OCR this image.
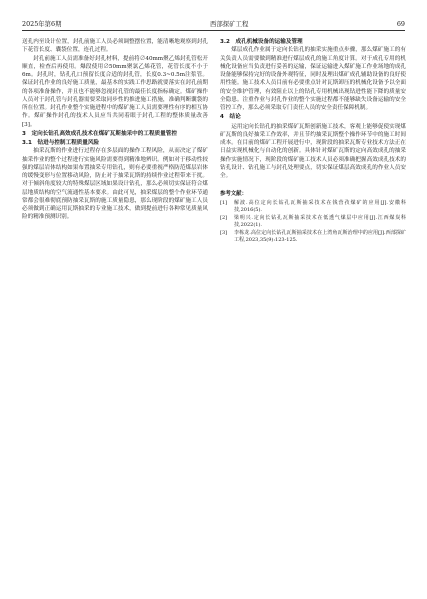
2025年第6期	西部探矿工程	69

送孔内至设计位置，封孔前施工人员必须调整摆位置，能清晰地观察到封孔下花管长度、囊袋位置，连孔过程。

封孔前施工人员需准备好封孔材料，提前将∅40mm聚乙烯封孔管松开顺直，检查后再使用。爆段使用∅50mm聚氯乙烯花管，花管长度不小于6m。封孔时，钻孔孔口预留长度合适的封孔管，长度0.3~0.5m注浆管。保证封孔作业的良好施工质量，最基本的实践工作思路就要落实在封孔前期的各项准备操作，并且也不能够忽视封孔管的最佳长度指标确定。煤矿操作人员对于封孔管与封孔器需要采取同步性的推进施工措施，准确判断囊袋的所在位置。封孔作业整个实施进程中的煤矿施工人员需要理性有序的相互协作。煤矿操作封孔的技术人员应当共同着眼于封孔工程的整体质量改善[3]。

3　定向长钻孔高效成孔技术在煤矿瓦斯抽采中的工程质量管控
3.1　钻进与控制工程质量风险

抽采瓦斯的作业进行过程存在多层面的操作工程风险，从而决定了煤矿抽采作业的整个过程进行实施风险需要得到精准地辨识。例如对于移动性较强的煤层岩体结构如果布置抽采专用钻孔，则有必要重视严格防范煤层岩体的缓慢变形与位置移动风险，防止对于抽采瓦斯的持续作业过程带来干扰。对于倾斜角度较大的特殊煤层区域如果设计钻孔，那么必须切实保证符合煤层地质结构的空气流通性基本要求。由此可见，抽采煤层的整个作业环节通常都会很难彻底预防抽采瓦斯的施工质量隐患，那么现阶段的煤矿施工人员必须做到正确运用瓦斯抽采的专业施工技术，做到提前进行各种常见质量风险的精准预测识别。

3.2　成孔机械设备的运输及管理

煤层成孔作业属于定向长钻孔的抽采实施重点步骤，那么煤矿施工的有关负责人员需要做到精准进行煤层成孔的施工角度计算。对于成孔专用的机械化设备应当负责进行妥善的运输，保证运输进入煤矿施工作业场地的成孔设备能够保持完好的设备外观特征，同时及理出煤矿成孔辅助设备的良好使用性能。施工技术人员目前有必要重点针对瓦斯卸压的机械化设备予以全面的安全维护管理，有效阻止以上的钻孔专用机械出现钻进性能下降的质量安全隐患。注重作业与封孔作业的整个实施过程都不能够缺失设备运输的安全管控工作，那么必须采取专门责任人员的安全责任保障机制。

4　结论

运用定向长钻孔的抽采煤矿瓦斯创新施工技术，客观上能够促使实现煤矿瓦斯的良好抽采工作效率，并且节约抽采瓦斯整个操作环节中的施工时间成本。在目前的煤矿工程开展进行中，现阶段的抽采瓦斯专业技术方法正在日益实现机械化与自动化的创新。具体针对煤矿瓦斯的定向高效成孔的抽采操作实施情况下，现阶段的煤矿施工技术人员必须准确把握高效成孔技术的钻孔设计、钻孔施工与封孔处理要点，切实保证煤层高效成孔的作业人员安全。

参考文献：
[1]	解波.高位定向长钻孔瓦斯抽采技术在钱营孜煤矿的应用[J].安徽科技,2016(5).
[2]	梁明兴.定向长钻孔瓦斯抽采技术在低透气煤层中应用[J].江西煤炭科技,2022(1).
[3]	李栋龙.高位定向长钻孔瓦斯抽采技术在上湾角瓦斯治理中的应用[J].西部探矿工程,2023,35(9):123-125.
